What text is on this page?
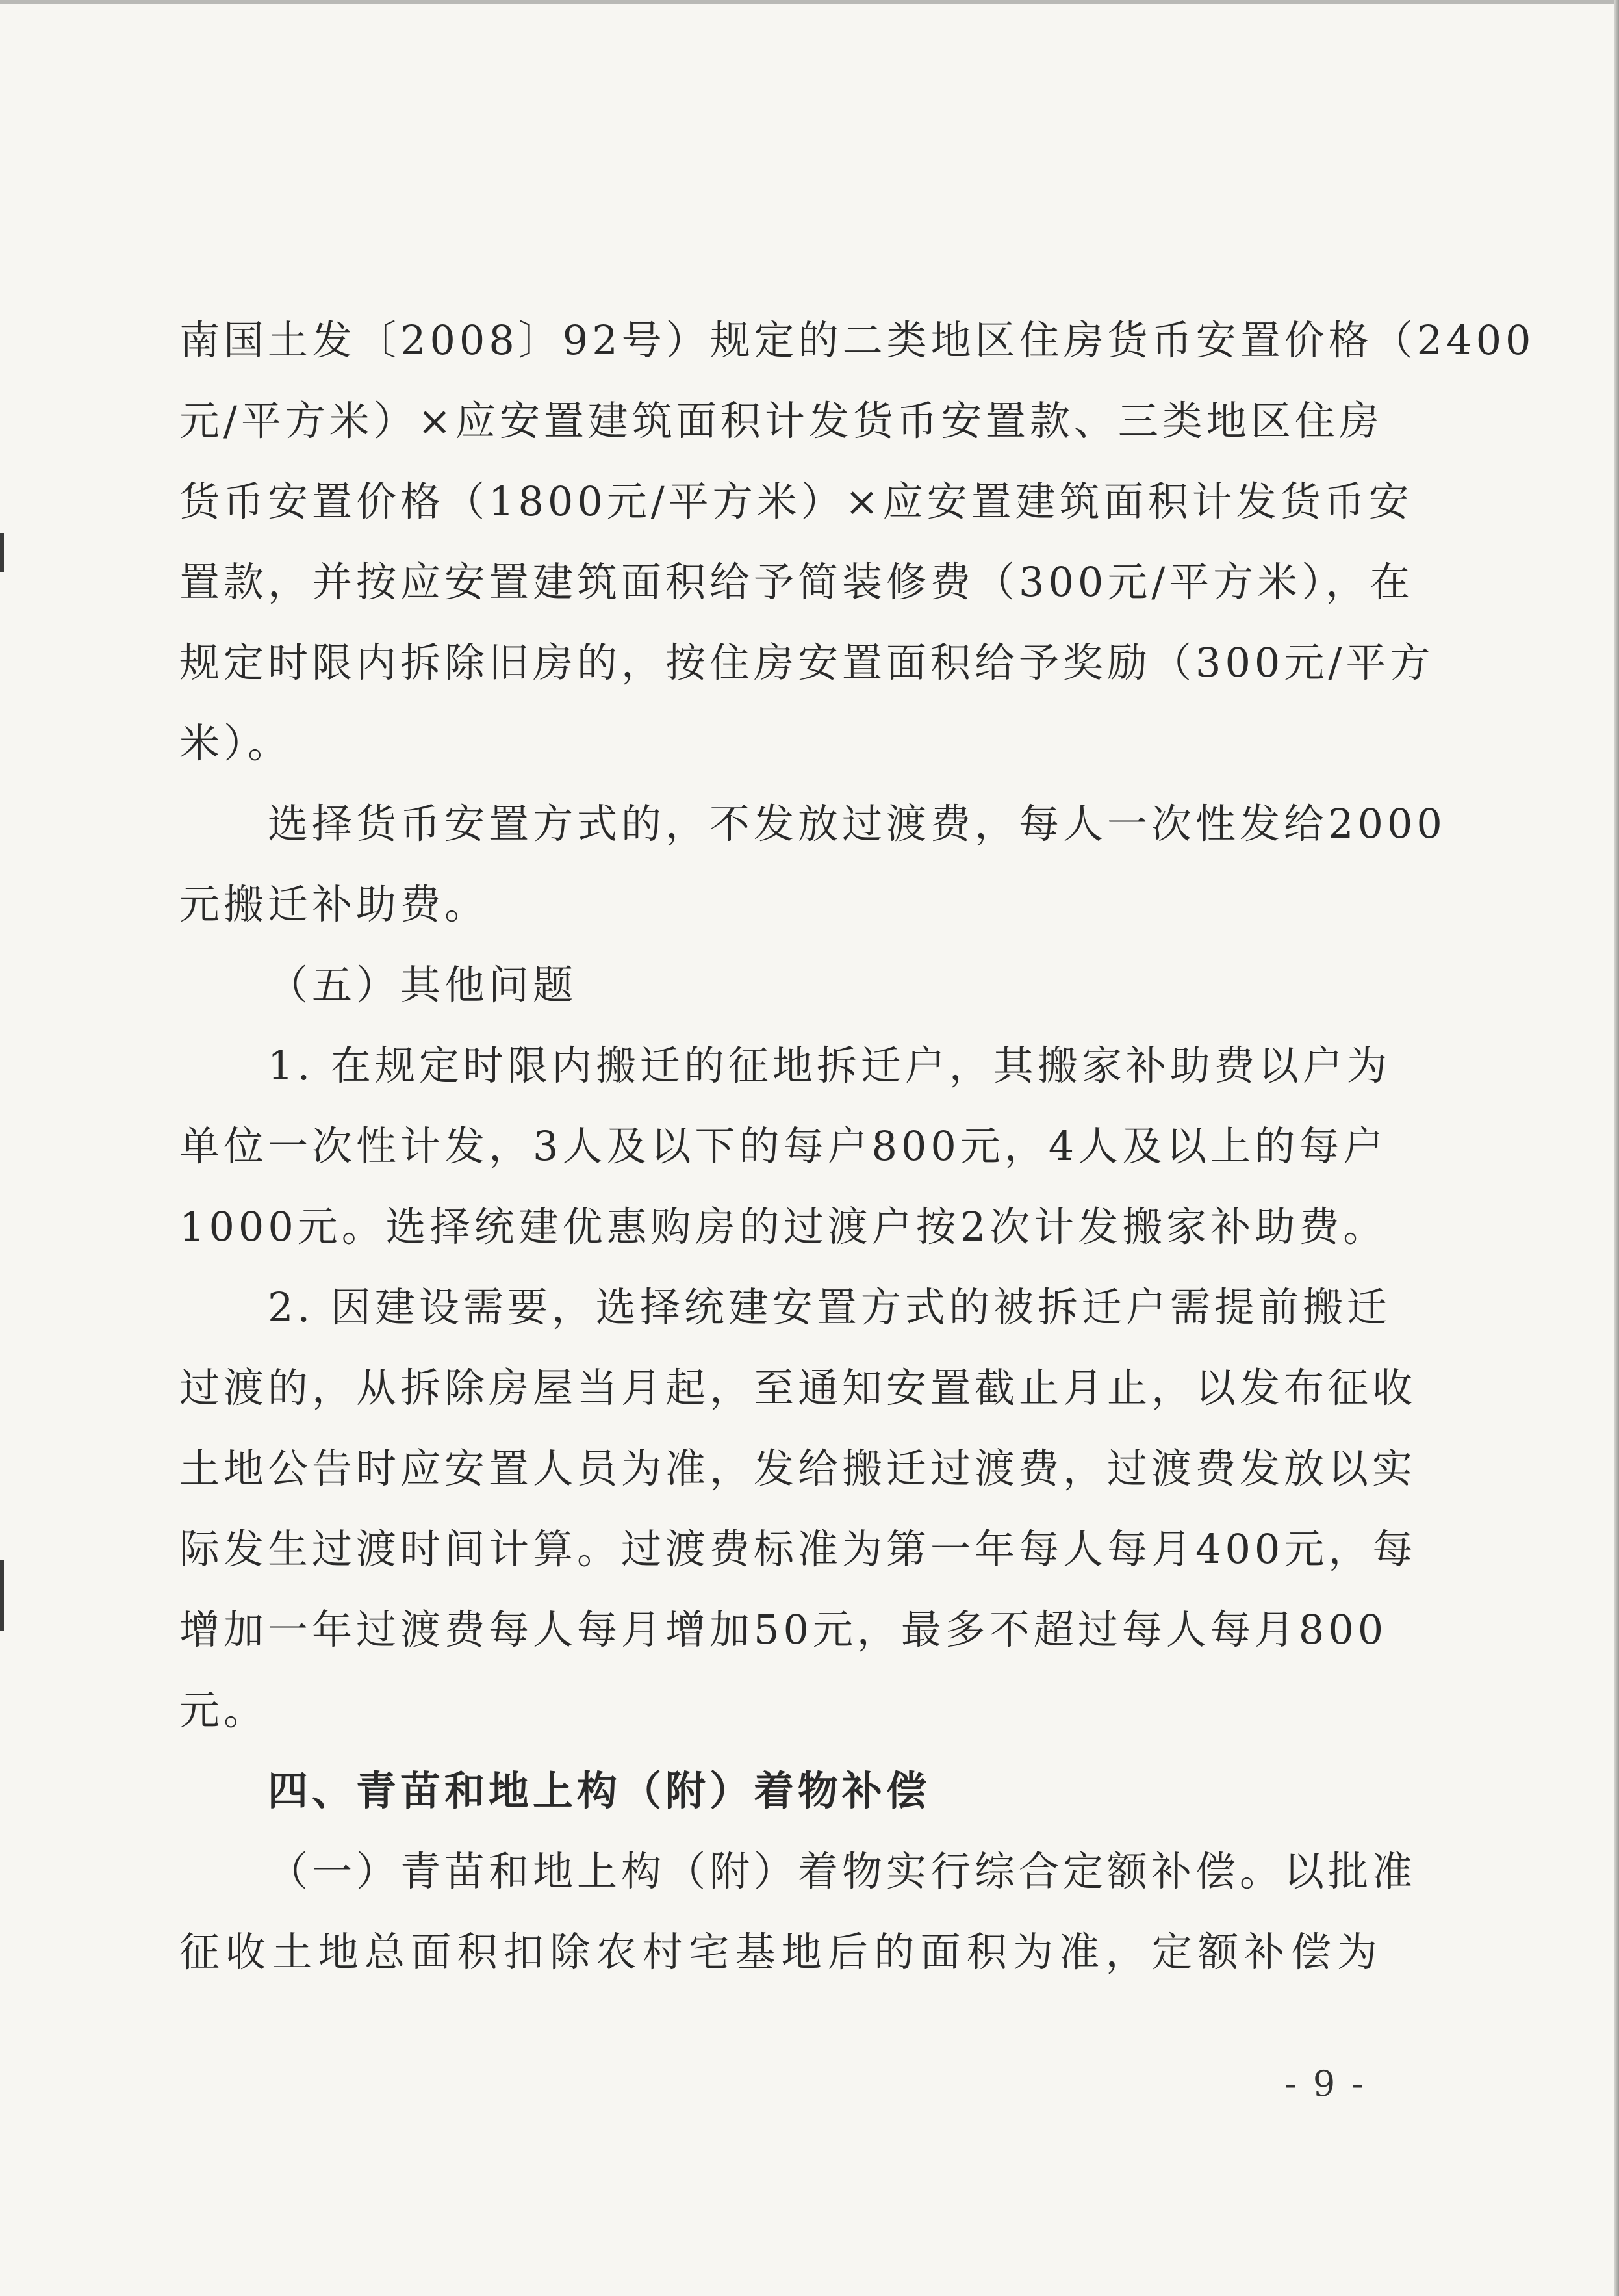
南国土发〔2008〕92号）规定的二类地区住房货币安置价格（2400
元/平方米）×应安置建筑面积计发货币安置款、三类地区住房
货币安置价格（1800元/平方米）×应安置建筑面积计发货币安
置款，并按应安置建筑面积给予简装修费（300元/平方米），在
规定时限内拆除旧房的，按住房安置面积给予奖励（300元/平方
米）。
选择货币安置方式的，不发放过渡费，每人一次性发给2000
元搬迁补助费。
（五）其他问题
1. 在规定时限内搬迁的征地拆迁户，其搬家补助费以户为
单位一次性计发，3人及以下的每户800元，4人及以上的每户
1000元。选择统建优惠购房的过渡户按2次计发搬家补助费。
2. 因建设需要，选择统建安置方式的被拆迁户需提前搬迁
过渡的，从拆除房屋当月起，至通知安置截止月止，以发布征收
土地公告时应安置人员为准，发给搬迁过渡费，过渡费发放以实
际发生过渡时间计算。过渡费标准为第一年每人每月400元，每
增加一年过渡费每人每月增加50元，最多不超过每人每月800
元。
四、青苗和地上构（附）着物补偿
（一）青苗和地上构（附）着物实行综合定额补偿。以批准
征收土地总面积扣除农村宅基地后的面积为准，定额补偿为
- 9 -
